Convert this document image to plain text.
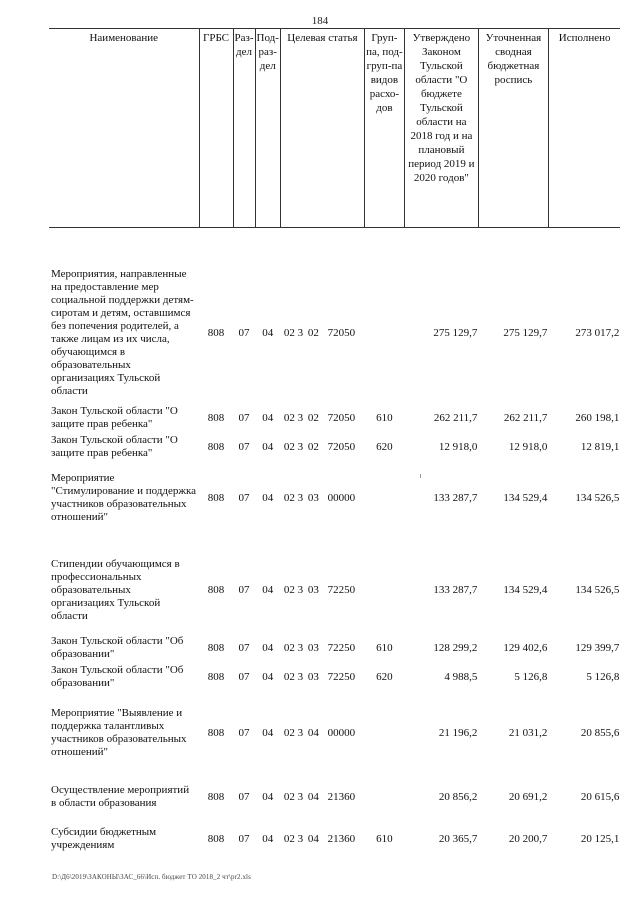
184
Наименование	ГРБС	Раз-дел	Под-раз-дел	Целевая статья	Груп-па, под-груп-па видов расхо-дов	Утверждено Законом Тульской области "О бюджете Тульской области на 2018 год и на плановый период 2019 и 2020 годов"	Уточненная сводная бюджетная роспись	Исполнено
Мероприятия, направленные на предоставление мер социальной поддержки детям-сиротам и детям, оставшимся без попечения родителей, а также лицам из их числа, обучающимся в образовательных организациях Тульской области	808	07	04	02 3 02 72050		275 129,7	275 129,7	273 017,2
Закон Тульской области "О защите прав ребенка"	808	07	04	02 3 02 72050	610	262 211,7	262 211,7	260 198,1
Закон Тульской области "О защите прав ребенка"	808	07	04	02 3 02 72050	620	12 918,0	12 918,0	12 819,1
Мероприятие "Стимулирование и поддержка участников образовательных отношений"	808	07	04	02 3 03 00000		133 287,7	134 529,4	134 526,5
Стипендии обучающимся в профессиональных образовательных организациях Тульской области	808	07	04	02 3 03 72250		133 287,7	134 529,4	134 526,5
Закон Тульской области "Об образовании"	808	07	04	02 3 03 72250	610	128 299,2	129 402,6	129 399,7
Закон Тульской области "Об образовании"	808	07	04	02 3 03 72250	620	4 988,5	5 126,8	5 126,8
Мероприятие "Выявление и поддержка талантливых участников образовательных отношений"	808	07	04	02 3 04 00000		21 196,2	21 031,2	20 855,6
Осуществление мероприятий в области образования	808	07	04	02 3 04 21360		20 856,2	20 691,2	20 615,6
Субсидии бюджетным учреждениям	808	07	04	02 3 04 21360	610	20 365,7	20 200,7	20 125,1
D:\Д6\2019\ЗАКОНЫ\ЗАС_66\Исп. бюджет ТО 2018_2 чт\pr2.xls
